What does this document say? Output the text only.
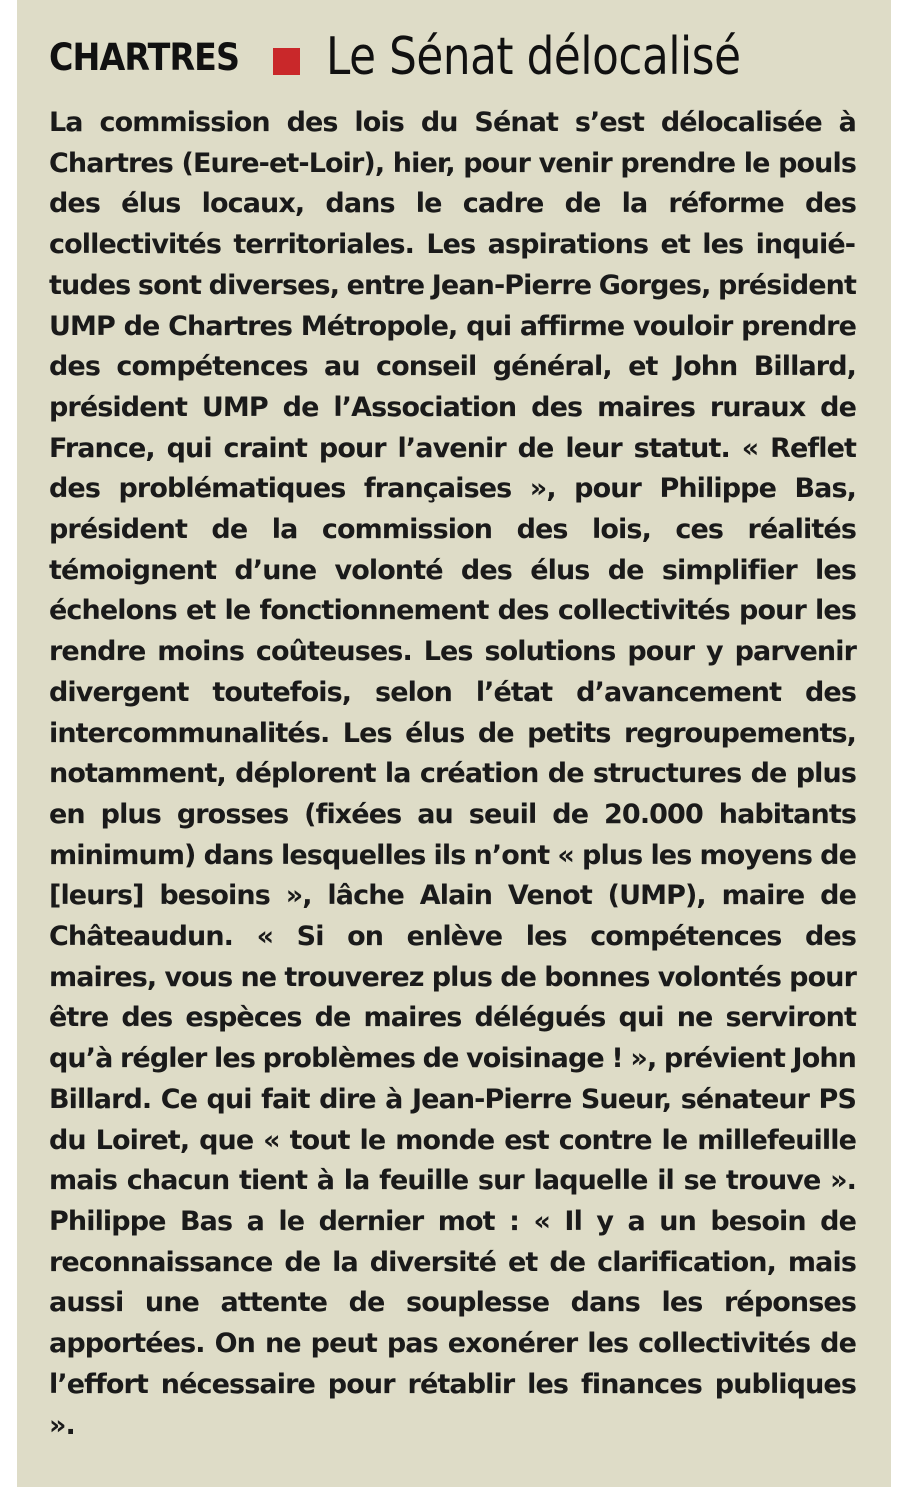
CHARTRES Le Sénat délocalisé

La commission des lois du Sénat s’est délocalisée à Chartres (Eure-et-Loir), hier, pour venir prendre le pouls des élus locaux, dans le cadre de la réforme des collectivités territoriales. Les aspirations et les inquiétudes sont diverses, entre Jean-Pierre Gorges, président UMP de Chartres Métropole, qui affirme vouloir prendre des compétences au conseil général, et John Billard, président UMP de l’Association des maires ruraux de France, qui craint pour l’avenir de leur statut. « Reflet des problématiques françaises », pour Philippe Bas, président de la commission des lois, ces réalités témoignent d’une volonté des élus de simplifier les échelons et le fonctionnement des collectivités pour les rendre moins coûteuses. Les solutions pour y parvenir divergent toutefois, selon l’état d’avancement des intercommunalités. Les élus de petits regroupements, notamment, déplorent la création de structures de plus en plus grosses (fixées au seuil de 20.000 habitants minimum) dans lesquelles ils n’ont « plus les moyens de [leurs] besoins », lâche Alain Venot (UMP), maire de Châteaudun. « Si on enlève les compétences des maires, vous ne trouverez plus de bonnes volontés pour être des espèces de maires délégués qui ne serviront qu’à régler les problèmes de voisinage ! », prévient John Billard. Ce qui fait dire à Jean-Pierre Sueur, sénateur PS du Loiret, que « tout le monde est contre le millefeuille mais chacun tient à la feuille sur laquelle il se trouve ». Philippe Bas a le dernier mot : « Il y a un besoin de reconnaissance de la diversité et de clarification, mais aussi une attente de souplesse dans les réponses apportées. On ne peut pas exonérer les collectivités de l’effort nécessaire pour rétablir les finances publiques ».
